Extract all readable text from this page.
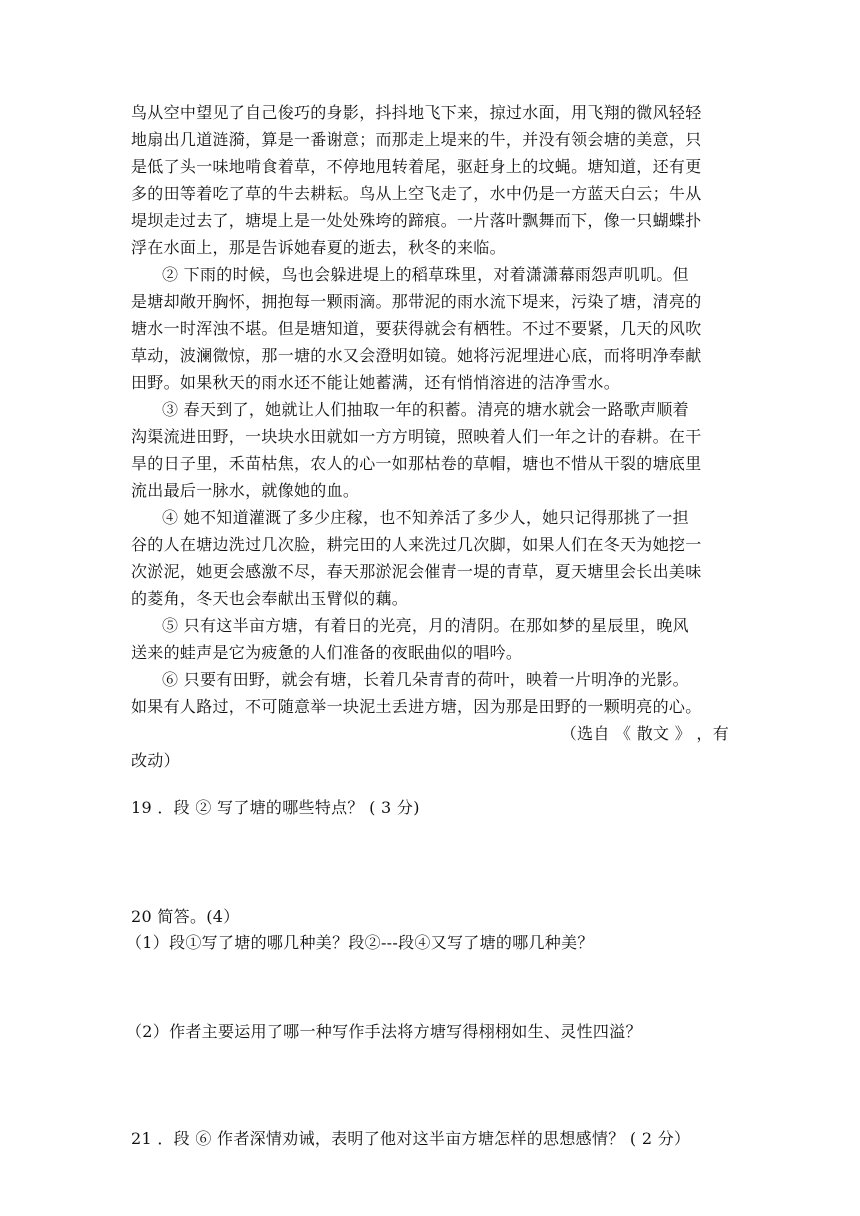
鸟从空中望见了自己俊巧的身影，抖抖地飞下来，掠过水面，用飞翔的微风轻轻
地扇出几道涟漪，算是一番谢意；而那走上堤来的牛，并没有领会塘的美意，只
是低了头一味地啃食着草，不停地甩转着尾，驱赶身上的坟蝇。塘知道，还有更
多的田等着吃了草的牛去耕耘。鸟从上空飞走了，水中仍是一方蓝天白云；牛从
堤坝走过去了，塘堤上是一处处殊垮的蹄痕。一片落叶飘舞而下，像一只蝴蝶扑
浮在水面上，那是告诉她春夏的逝去，秋冬的来临。
② 下雨的时候，鸟也会躲进堤上的稻草珠里，对着潇潇幕雨怨声叽叽。但
是塘却敞开胸怀，拥抱每一颗雨滴。那带泥的雨水流下堤来，污染了塘，清亮的
塘水一时浑浊不堪。但是塘知道，要获得就会有栖牲。不过不要紧，几天的风吹
草动，波澜微惊，那一塘的水又会澄明如镜。她将污泥埋进心底，而将明净奉献
田野。如果秋天的雨水还不能让她蓄满，还有悄悄溶进的洁净雪水。
③ 春天到了，她就让人们抽取一年的积蓄。清亮的塘水就会一路歌声顺着
沟渠流进田野，一块块水田就如一方方明镜，照映着人们一年之计的春耕。在干
旱的日子里，禾苗枯焦，农人的心一如那枯卷的草帽，塘也不惜从干裂的塘底里
流出最后一脉水，就像她的血。
④ 她不知道灌溉了多少庄稼，也不知养活了多少人，她只记得那挑了一担
谷的人在塘边洗过几次脸，耕完田的人来洗过几次脚，如果人们在冬天为她挖一
次淤泥，她更会感激不尽，春天那淤泥会催青一堤的青草，夏天塘里会长出美味
的菱角，冬天也会奉献出玉臂似的藕。
⑤ 只有这半亩方塘，有着日的光亮，月的清阴。在那如梦的星辰里，晚风
送来的蛙声是它为疲惫的人们准备的夜眠曲似的唱吟。
⑥ 只要有田野，就会有塘，长着几朵青青的荷叶，映着一片明净的光影。
如果有人路过，不可随意举一块泥土丢进方塘，因为那是田野的一颗明亮的心。
（选自 《 散文 》 ，有
改动）
19 ．段 ② 写了塘的哪些特点？ ( 3 分)
20 简答。(4）
（1）段①写了塘的哪几种美？段②---段④又写了塘的哪几种美？
（2）作者主要运用了哪一种写作手法将方塘写得栩栩如生、灵性四溢？
21 ．段 ⑥ 作者深情劝诫，表明了他对这半亩方塘怎样的思想感情？ ( 2 分）
